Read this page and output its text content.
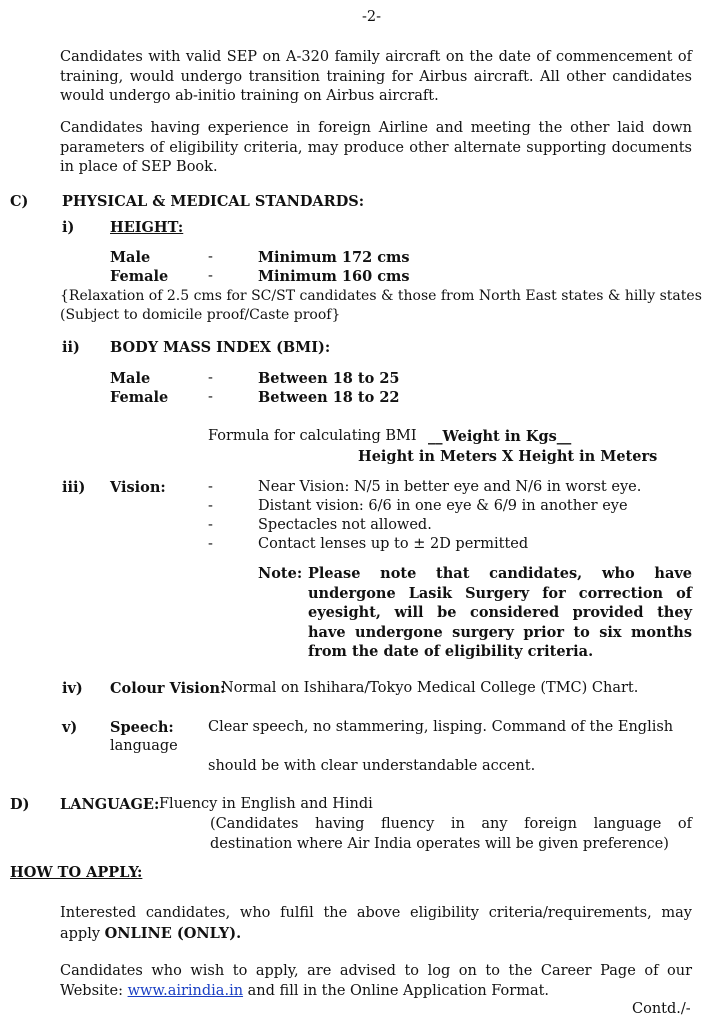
-2-
Candidates with valid SEP on A-320 family aircraft on the date of commencement of training, would undergo transition training for Airbus aircraft. All other candidates would undergo ab-initio training on Airbus aircraft.
Candidates having experience in foreign Airline and meeting the other laid down parameters of eligibility criteria, may produce other alternate supporting documents in place of SEP Book.
C) PHYSICAL & MEDICAL STANDARDS:
i) HEIGHT:
Male	-	Minimum 172 cms
Female	-	Minimum 160 cms
{Relaxation of 2.5 cms for SC/ST candidates & those from North East states & hilly states
(Subject to domicile proof/Caste proof}
ii) BODY MASS INDEX (BMI):
Male	-	Between 18 to 25
Female	-	Between 18 to 22
Formula for calculating BMI __Weight in Kgs__
Height in Meters X Height in Meters
iii) Vision:	-	Near Vision: N/5 in better eye and N/6 in worst eye.
-	Distant vision: 6/6 in one eye & 6/9 in another eye
-	Spectacles not allowed.
-	Contact lenses up to ± 2D permitted
Note: Please note that candidates, who have undergone Lasik Surgery for correction of eyesight, will be considered provided they have undergone surgery prior to six months from the date of eligibility criteria.
iv) Colour Vision:
Normal on Ishihara/Tokyo Medical College (TMC) Chart.
v) Speech: Clear speech, no stammering, lisping. Command of the English
language
should be with clear understandable accent.
D) LANGUAGE: Fluency in English and Hindi
(Candidates having fluency in any foreign language of destination where Air India operates will be given preference)
HOW TO APPLY:
Interested candidates, who fulfil the above eligibility criteria/requirements, may apply ONLINE (ONLY).
Candidates who wish to apply, are advised to log on to the Career Page of our Website: www.airindia.in and fill in the Online Application Format.
Contd./-
